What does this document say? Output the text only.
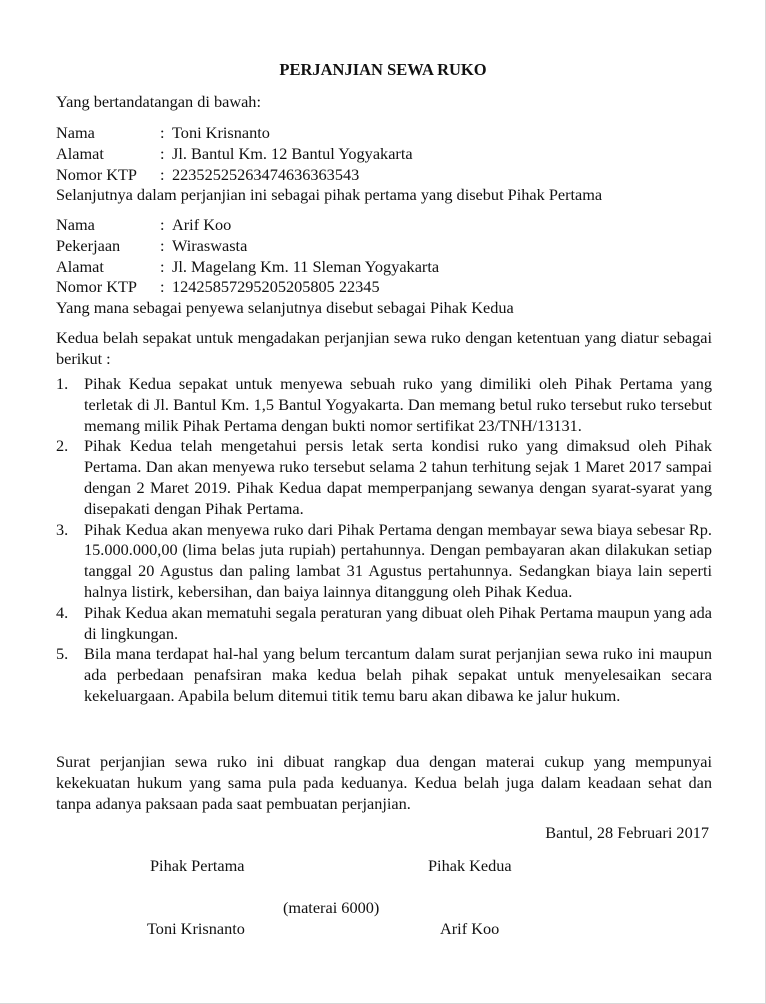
PERJANJIAN SEWA RUKO
Yang bertandatangan di bawah:
Nama	: Toni Krisnanto
Alamat	: Jl. Bantul Km. 12 Bantul Yogyakarta
Nomor KTP	: 22352525263474636363543
Selanjutnya dalam perjanjian ini sebagai pihak pertama yang disebut Pihak Pertama
Nama	: Arif Koo
Pekerjaan	: Wiraswasta
Alamat	: Jl. Magelang Km. 11 Sleman Yogyakarta
Nomor KTP	: 12425857295205205805 22345
Yang mana sebagai penyewa selanjutnya disebut sebagai Pihak Kedua
Kedua belah sepakat untuk mengadakan perjanjian sewa ruko dengan ketentuan yang diatur sebagai berikut :
1. Pihak Kedua sepakat untuk menyewa sebuah ruko yang dimiliki oleh Pihak Pertama yang terletak di Jl. Bantul Km. 1,5 Bantul Yogyakarta. Dan memang betul ruko tersebut ruko tersebut memang milik Pihak Pertama dengan bukti nomor sertifikat 23/TNH/13131.
2. Pihak Kedua telah mengetahui persis letak serta kondisi ruko yang dimaksud oleh Pihak Pertama. Dan akan menyewa ruko tersebut selama 2 tahun terhitung sejak 1 Maret 2017 sampai dengan 2 Maret 2019. Pihak Kedua dapat memperpanjang sewanya dengan syarat-syarat yang disepakati dengan Pihak Pertama.
3. Pihak Kedua akan menyewa ruko dari Pihak Pertama dengan membayar sewa biaya sebesar Rp. 15.000.000,00 (lima belas juta rupiah) pertahunnya. Dengan pembayaran akan dilakukan setiap tanggal 20 Agustus dan paling lambat 31 Agustus pertahunnya. Sedangkan biaya lain seperti halnya listirk, kebersihan, dan baiya lainnya ditanggung oleh Pihak Kedua.
4. Pihak Kedua akan mematuhi segala peraturan yang dibuat oleh Pihak Pertama maupun yang ada di lingkungan.
5. Bila mana terdapat hal-hal yang belum tercantum dalam surat perjanjian sewa ruko ini maupun ada perbedaan penafsiran maka kedua belah pihak sepakat untuk menyelesaikan secara kekeluargaan. Apabila belum ditemui titik temu baru akan dibawa ke jalur hukum.
Surat perjanjian sewa ruko ini dibuat rangkap dua dengan materai cukup yang mempunyai kekekuatan hukum yang sama pula pada keduanya. Kedua belah juga dalam keadaan sehat dan tanpa adanya paksaan pada saat pembuatan perjanjian.
Bantul, 28 Februari 2017
Pihak Pertama	Pihak Kedua
(materai 6000)
Toni Krisnanto	Arif Koo
